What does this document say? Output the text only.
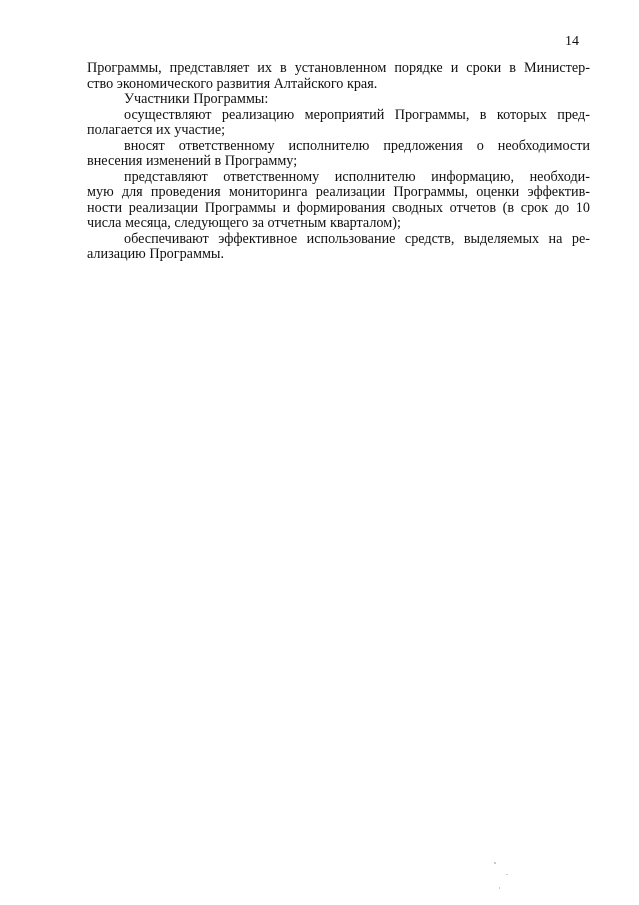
14
Программы, представляет их в установленном порядке и сроки в Министер-
ство экономического развития Алтайского края.
Участники Программы:
осуществляют реализацию мероприятий Программы, в которых пред-
полагается их участие;
вносят ответственному исполнителю предложения о необходимости
внесения изменений в Программу;
представляют ответственному исполнителю информацию, необходи-
мую для проведения мониторинга реализации Программы, оценки эффектив-
ности реализации Программы и формирования сводных отчетов (в срок до 10
числа месяца, следующего за отчетным кварталом);
обеспечивают эффективное использование средств, выделяемых на ре-
ализацию Программы.
